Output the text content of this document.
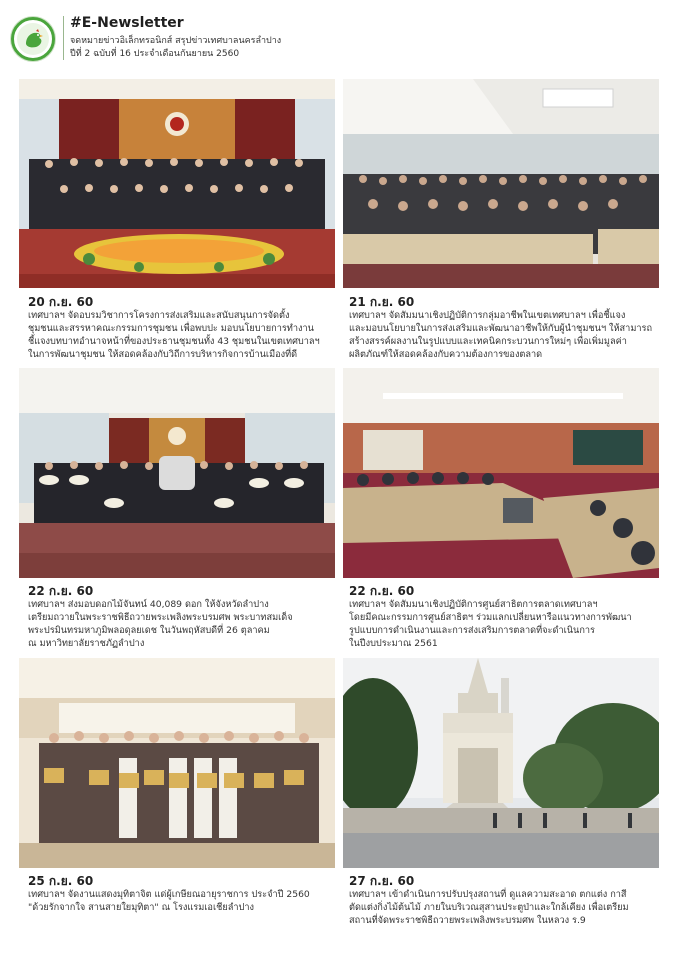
#E-Newsletter
จดหมายข่าวอิเล็กทรอนิกส์ สรุปข่าวเทศบาลนครลำปาง
ปีที่ 2 ฉบับที่ 16 ประจำเดือนกันยายน 2560
20 ก.ย. 60
เทศบาลฯ จัดอบรมวิชาการโครงการส่งเสริมและสนับสนุนการจัดตั้ง
ชุมชนและสรรหาคณะกรรมการชุมชน เพื่อพบปะ มอบนโยบายการทำงาน
ชี้แจงบทบาทอำนาจหน้าที่ของประธานชุมชนทั้ง 43 ชุมชนในเขตเทศบาลฯ
ในการพัฒนาชุมชน ให้สอดคล้องกับวิถีการบริหารกิจการบ้านเมืองที่ดี
21 ก.ย. 60
เทศบาลฯ จัดสัมมนาเชิงปฏิบัติการกลุ่มอาชีพในเขตเทศบาลฯ เพื่อชี้แจง
และมอบนโยบายในการส่งเสริมและพัฒนาอาชีพให้กับผู้นำชุมชนฯ ให้สามารถ
สร้างสรรค์ผลงานในรูปแบบและเทคนิคกระบวนการใหม่ๆ เพื่อเพิ่มมูลค่า
ผลิตภัณฑ์ให้สอดคล้องกับความต้องการของตลาด
22 ก.ย. 60
เทศบาลฯ ส่งมอบดอกไม้จันทน์ 40,089 ดอก ให้จังหวัดลำปาง
เตรียมถวายในพระราชพิธีถวายพระเพลิงพระบรมศพ พระบาทสมเด็จ
พระปรมินทรมหาภูมิพลอดุลยเดช ในวันพฤหัสบดีที่ 26 ตุลาคม
ณ มหาวิทยาลัยราชภัฏลำปาง
22 ก.ย. 60
เทศบาลฯ จัดสัมมนาเชิงปฏิบัติการศูนย์สาธิตการตลาดเทศบาลฯ
โดยมีคณะกรรมการศูนย์สาธิตฯ ร่วมแลกเปลี่ยนหารือแนวทางการพัฒนา
รูปแบบการดำเนินงานและการส่งเสริมการตลาดที่จะดำเนินการ
ในปีงบประมาณ 2561
25 ก.ย. 60
เทศบาลฯ จัดงานแสดงมุทิตาจิต แด่ผู้เกษียณอายุราชการ ประจำปี 2560
"ด้วยรักจากใจ สานสายใยมุทิตา" ณ โรงแรมเอเชียลำปาง
27 ก.ย. 60
เทศบาลฯ เข้าดำเนินการปรับปรุงสถานที่ ดูแลความสะอาด ตกแต่ง กาสี
ตัดแต่งกิ่งไม้ต้นไม้ ภายในบริเวณสุสานประตูป่าและใกล้เคียง เพื่อเตรียม
สถานที่จัดพระราชพิธีถวายพระเพลิงพระบรมศพ ในหลวง ร.9
